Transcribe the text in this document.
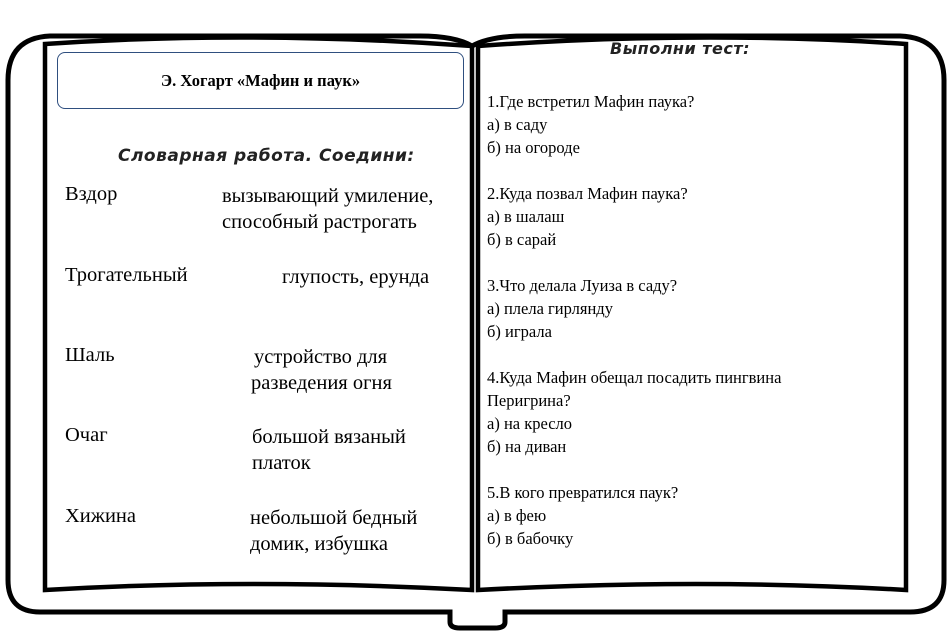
Э. Хогарт «Мафин и паук»
Словарная работа. Соедини:
Вздор	вызывающий умиление,
способный растрогать
Трогательный	глупость, ерунда
Шаль	устройство для
разведения огня
Очаг	большой вязаный
платок
Хижина	небольшой бедный
домик, избушка
Выполни тест:
1.Где встретил Мафин паука?
а) в саду
б) на огороде
2.Куда позвал Мафин паука?
а) в шалаш
б) в сарай
3.Что делала Луиза в саду?
а) плела гирлянду
б) играла
4.Куда Мафин обещал посадить пингвина
Перигрина?
а) на кресло
б) на диван
5.В кого превратился паук?
а) в фею
б) в бабочку
